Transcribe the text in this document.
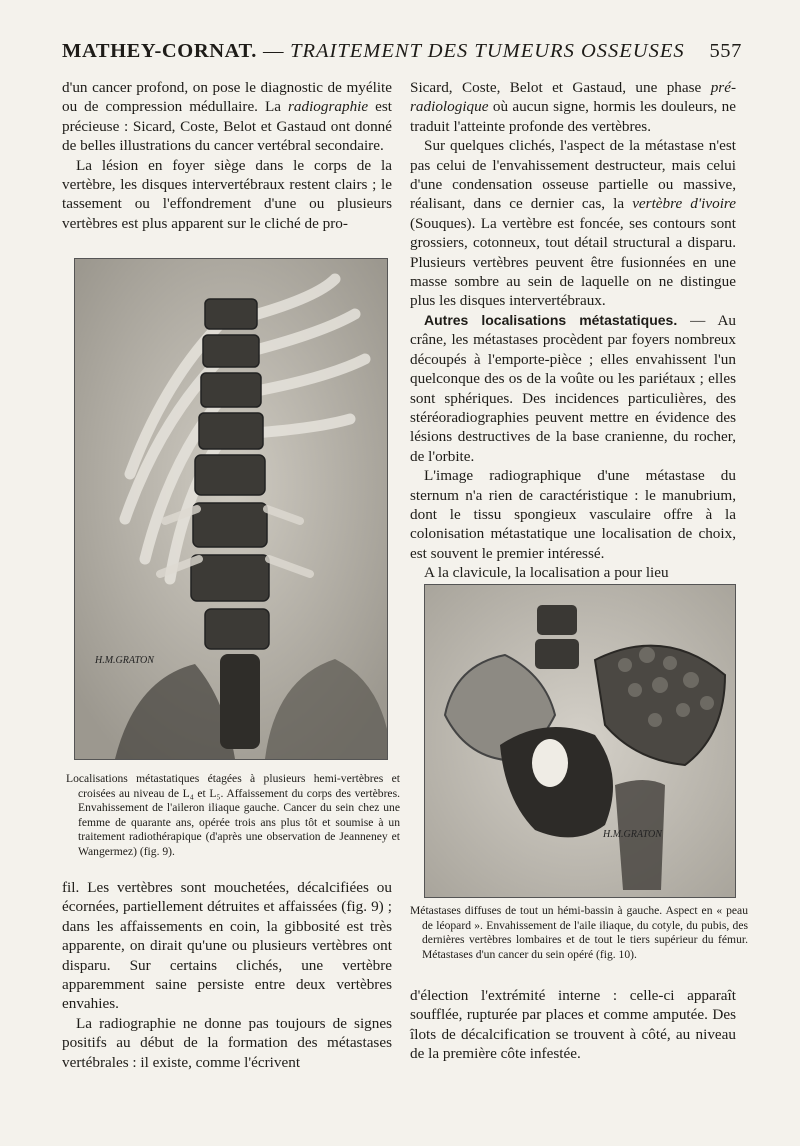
MATHEY-CORNAT. — TRAITEMENT DES TUMEURS OSSEUSES 557

d'un cancer profond, on pose le diagnostic de myélite ou de compression médullaire. La radiographie est précieuse : Sicard, Coste, Belot et Gastaud ont donné de belles illustrations du cancer vertébral secondaire.

La lésion en foyer siège dans le corps de la vertèbre, les disques intervertébraux restent clairs ; le tassement ou l'effondrement d'une ou plusieurs vertèbres est plus apparent sur le cliché de pro-

H.M.GRATON
Localisations métastatiques étagées à plusieurs hemi-vertèbres et croisées au niveau de L₄ et L₅. Affaissement du corps des vertèbres. Envahissement de l'aileron iliaque gauche. Cancer du sein chez une femme de quarante ans, opérée trois ans plus tôt et soumise à un traitement radiothérapique (d'après une observation de Jeanneney et Wangermez) (fig. 9).

fil. Les vertèbres sont mouchetées, décalcifiées ou écornées, partiellement détruites et affaissées (fig. 9) ; dans les affaissements en coin, la gibbosité est très apparente, on dirait qu'une ou plusieurs vertèbres ont disparu. Sur certains clichés, une vertèbre apparemment saine persiste entre deux vertèbres envahies.

La radiographie ne donne pas toujours de signes positifs au début de la formation des métastases vertébrales : il existe, comme l'écrivent

Sicard, Coste, Belot et Gastaud, une phase pré-radiologique où aucun signe, hormis les douleurs, ne traduit l'atteinte profonde des vertèbres.

Sur quelques clichés, l'aspect de la métastase n'est pas celui de l'envahissement destructeur, mais celui d'une condensation osseuse partielle ou massive, réalisant, dans ce dernier cas, la vertèbre d'ivoire (Souques). La vertèbre est foncée, ses contours sont grossiers, cotonneux, tout détail structural a disparu. Plusieurs vertèbres peuvent être fusionnées en une masse sombre au sein de laquelle on ne distingue plus les disques intervertébraux.

Autres localisations métastatiques. — Au crâne, les métastases procèdent par foyers nombreux découpés à l'emporte-pièce ; elles envahissent l'un quelconque des os de la voûte ou les pariétaux ; elles sont sphériques. Des incidences particulières, des stéréoradiographies peuvent mettre en évidence des lésions destructives de la base cranienne, du rocher, de l'orbite.

L'image radiographique d'une métastase du sternum n'a rien de caractéristique : le manubrium, dont le tissu spongieux vasculaire offre à la colonisation métastatique une localisation de choix, est souvent le premier intéressé.

A la clavicule, la localisation a pour lieu

H.M.GRATON
Métastases diffuses de tout un hémi-bassin à gauche. Aspect en « peau de léopard ». Envahissement de l'aile iliaque, du cotyle, du pubis, des dernières vertèbres lombaires et de tout le tiers supérieur du fémur. Métastases d'un cancer du sein opéré (fig. 10).

d'élection l'extrémité interne : celle-ci apparaît soufflée, rupturée par places et comme amputée. Des îlots de décalcification se trouvent à côté, au niveau de la première côte infestée.
